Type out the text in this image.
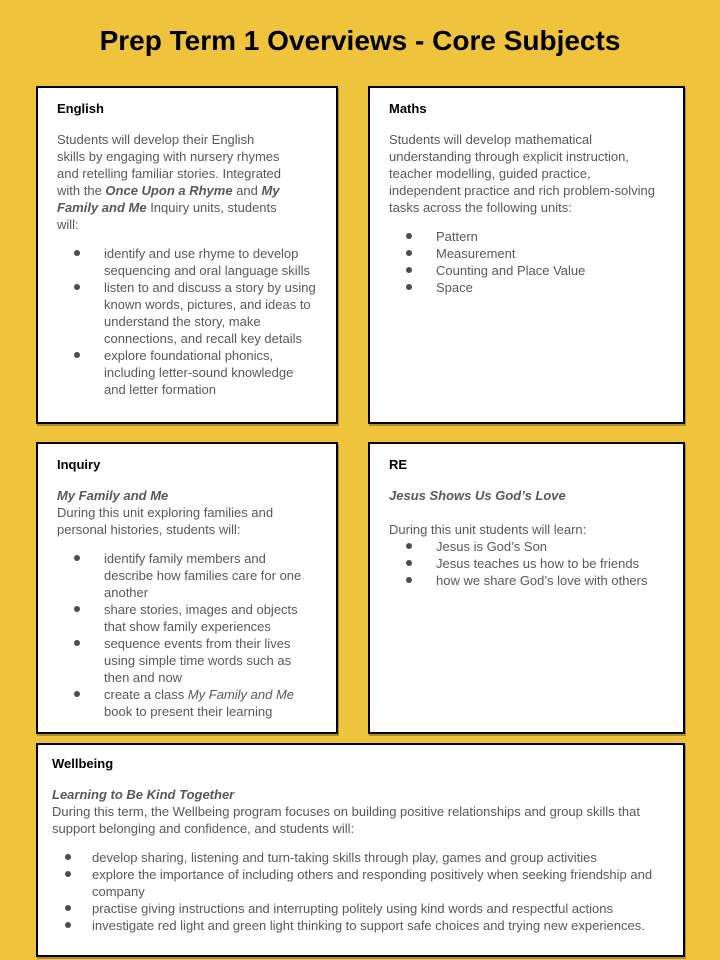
Prep Term 1 Overviews - Core Subjects
English

Students will develop their English skills by engaging with nursery rhymes and retelling familiar stories. Integrated with the Once Upon a Rhyme and My Family and Me Inquiry units, students will:

identify and use rhyme to develop sequencing and oral language skills
listen to and discuss a story by using known words, pictures, and ideas to understand the story, make connections, and recall key details
explore foundational phonics, including letter-sound knowledge and letter formation
Maths

Students will develop mathematical understanding through explicit instruction, teacher modelling, guided practice, independent practice and rich problem-solving tasks across the following units:

Pattern
Measurement
Counting and Place Value
Space
Inquiry

My Family and Me

During this unit exploring families and personal histories, students will:

identify family members and describe how families care for one another
share stories, images and objects that show family experiences
sequence events from their lives using simple time words such as then and now
create a class My Family and Me book to present their learning
RE

Jesus Shows Us God’s Love

During this unit students will learn:

Jesus is God’s Son
Jesus teaches us how to be friends
how we share God’s love with others
Wellbeing

Learning to Be Kind Together

During this term, the Wellbeing program focuses on building positive relationships and group skills that support belonging and confidence, and students will:

develop sharing, listening and turn-taking skills through play, games and group activities
explore the importance of including others and responding positively when seeking friendship and company
practise giving instructions and interrupting politely using kind words and respectful actions
investigate red light and green light thinking to support safe choices and trying new experiences.
